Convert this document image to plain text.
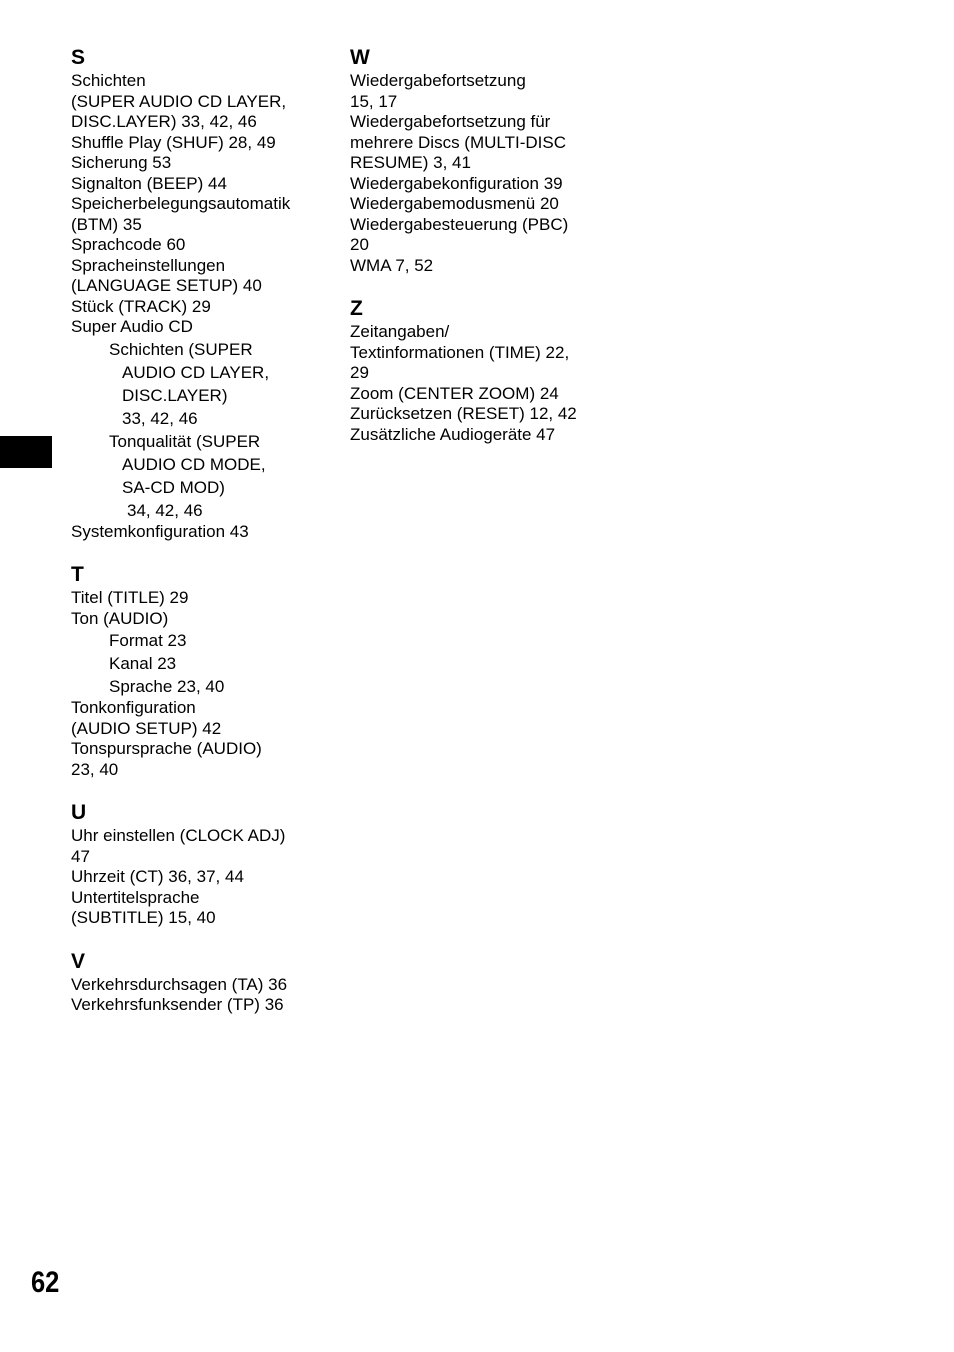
S
Schichten
(SUPER AUDIO CD LAYER,
DISC.LAYER) 33, 42, 46
Shuffle Play (SHUF) 28, 49
Sicherung 53
Signalton (BEEP) 44
Speicherbelegungsautomatik
(BTM) 35
Sprachcode 60
Spracheinstellungen
(LANGUAGE SETUP) 40
Stück (TRACK) 29
Super Audio CD
Schichten (SUPER
AUDIO CD LAYER,
DISC.LAYER)
33, 42, 46
Tonqualität (SUPER
AUDIO CD MODE,
SA-CD MOD)
34, 42, 46
Systemkonfiguration 43
T
Titel (TITLE) 29
Ton (AUDIO)
Format 23
Kanal 23
Sprache 23, 40
Tonkonfiguration
(AUDIO SETUP) 42
Tonspursprache (AUDIO)
23, 40
U
Uhr einstellen (CLOCK ADJ)
47
Uhrzeit (CT) 36, 37, 44
Untertitelsprache
(SUBTITLE) 15, 40
V
Verkehrsdurchsagen (TA) 36
Verkehrsfunksender (TP) 36
W
Wiedergabefortsetzung
15, 17
Wiedergabefortsetzung für
mehrere Discs (MULTI-DISC
RESUME) 3, 41
Wiedergabekonfiguration 39
Wiedergabemodusmenü 20
Wiedergabesteuerung (PBC)
20
WMA 7, 52
Z
Zeitangaben/
Textinformationen (TIME) 22,
29
Zoom (CENTER ZOOM) 24
Zurücksetzen (RESET) 12, 42
Zusätzliche Audiogeräte 47
62
